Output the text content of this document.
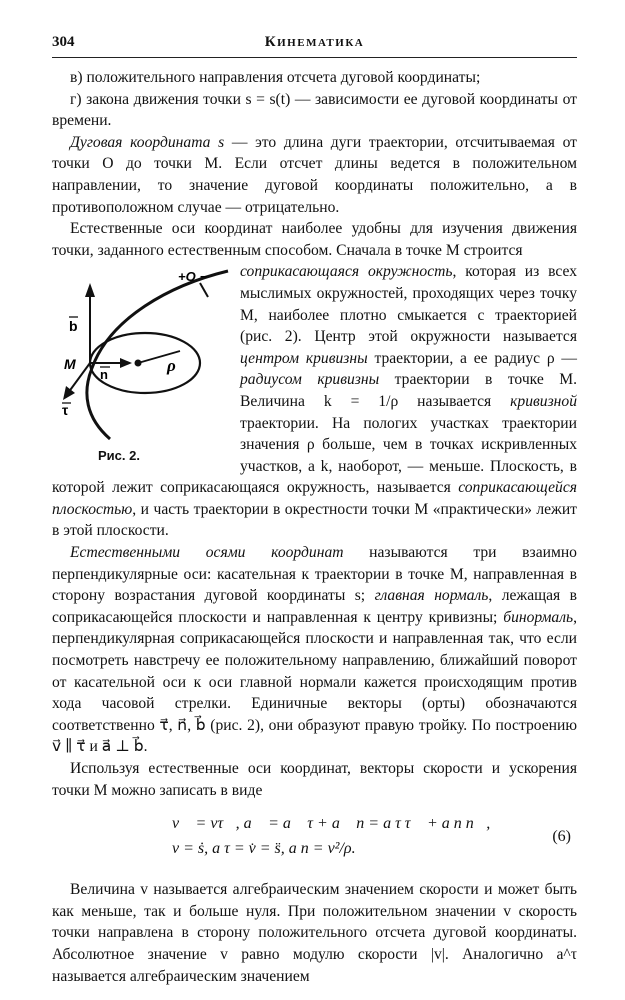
304	Кинематика

в) положительного направления отсчета дуговой координаты;

г) закона движения точки s = s(t) — зависимости ее дуговой координаты от времени.

Дуговая координата s — это длина дуги траектории, отсчитываемая от точки O до точки M. Если отсчет длины ведется в положительном направлении, то значение дуговой координаты положительно, а в противоположном случае — отрицательно.

Естественные оси координат наиболее удобны для изучения движения точки, заданного естественным способом. Сначала в точке M строится

b
M
n	ρ
τ
+O −
Рис. 2.

соприкасающаяся окружность, которая из всех мыслимых окружностей, проходящих через точку M, наиболее плотно смыкается с траекторией (рис. 2). Центр этой окружности называется центром кривизны траектории, а ее радиус ρ — радиусом кривизны траектории в точке M. Величина k = 1/ρ называется кривизной траектории. На пологих участках траектории значения ρ больше, чем в точках искривленных участков, а k, наоборот, — меньше. Плоскость, в которой лежит соприкасающаяся окружность, называется соприкасающейся плоскостью, и часть траектории в окрестности точки M «практически» лежит в этой плоскости.

Естественными осями координат называются три взаимно перпендикулярные оси: касательная к траектории в точке M, направленная в сторону возрастания дуговой координаты s; главная нормаль, лежащая в соприкасающейся плоскости и направленная к центру кривизны; бинормаль, перпендикулярная соприкасающейся плоскости и направленная так, что если посмотреть навстречу ее положительному направлению, ближайший поворот от касательной оси к оси главной нормали кажется происходящим против хода часовой стрелки. Единичные векторы (орты) обозначаются соответственно τ⃗, n⃗, b⃗ (рис. 2), они образуют правую тройку. По построению v⃗ ∥ τ⃗ и a⃗ ⊥ b⃗.

Используя естественные оси координат, векторы скорости и ускорения точки M можно записать в виде

v⃗ = vτ⃗, a⃗ = a⃗ τ + a⃗ n = a τ τ⃗ + a n n⃗,
v = ṡ, a τ = v̇ = s̈, a n = v²/ρ.
(6)

Величина v называется алгебраическим значением скорости и может быть как меньше, так и больше нуля. При положительном значении v скорость точки направлена в сторону положительного отсчета дуговой координаты. Абсолютное значение v равно модулю скорости |v|. Аналогично a^τ называется алгебраическим значением
